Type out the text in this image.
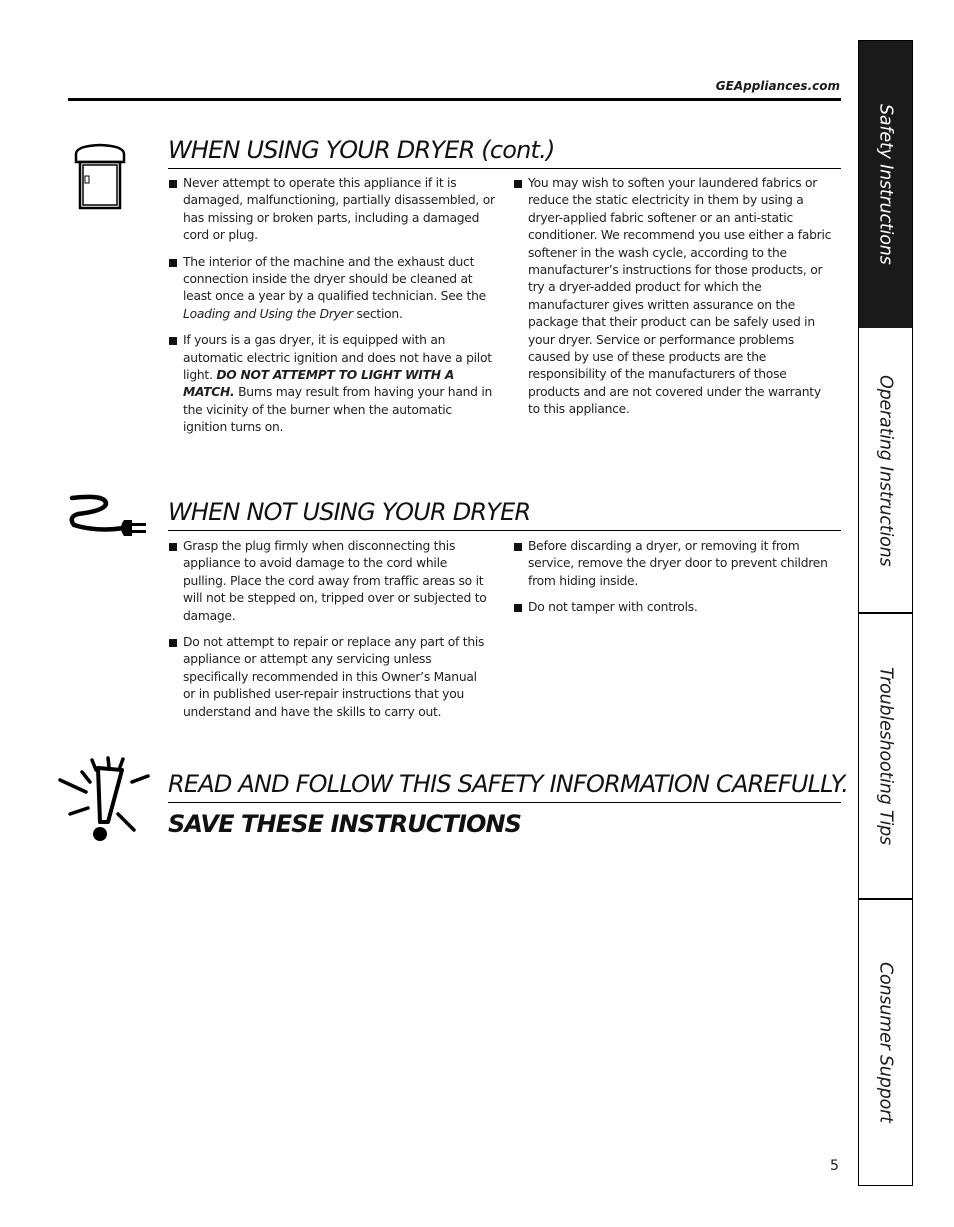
GEAppliances.com
WHEN USING YOUR DRYER (cont.)

Never attempt to operate this appliance if it is damaged, malfunctioning, partially disassembled, or has missing or broken parts, including a damaged cord or plug.

The interior of the machine and the exhaust duct connection inside the dryer should be cleaned at least once a year by a qualified technician. See the Loading and Using the Dryer section.

If yours is a gas dryer, it is equipped with an automatic electric ignition and does not have a pilot light. DO NOT ATTEMPT TO LIGHT WITH A MATCH. Burns may result from having your hand in the vicinity of the burner when the automatic ignition turns on.

You may wish to soften your laundered fabrics or reduce the static electricity in them by using a dryer-applied fabric softener or an anti-static conditioner. We recommend you use either a fabric softener in the wash cycle, according to the manufacturer’s instructions for those products, or try a dryer-added product for which the manufacturer gives written assurance on the package that their product can be safely used in your dryer. Service or performance problems caused by use of these products are the responsibility of the manufacturers of those products and are not covered under the warranty to this appliance.

WHEN NOT USING YOUR DRYER

Grasp the plug firmly when disconnecting this appliance to avoid damage to the cord while pulling. Place the cord away from traffic areas so it will not be stepped on, tripped over or subjected to damage.

Do not attempt to repair or replace any part of this appliance or attempt any servicing unless specifically recommended in this Owner’s Manual or in published user-repair instructions that you understand and have the skills to carry out.

Before discarding a dryer, or removing it from service, remove the dryer door to prevent children from hiding inside.

Do not tamper with controls.

READ AND FOLLOW THIS SAFETY INFORMATION CAREFULLY.
SAVE THESE INSTRUCTIONS
Safety Instructions
Operating Instructions
Troubleshooting Tips
Consumer Support
5
